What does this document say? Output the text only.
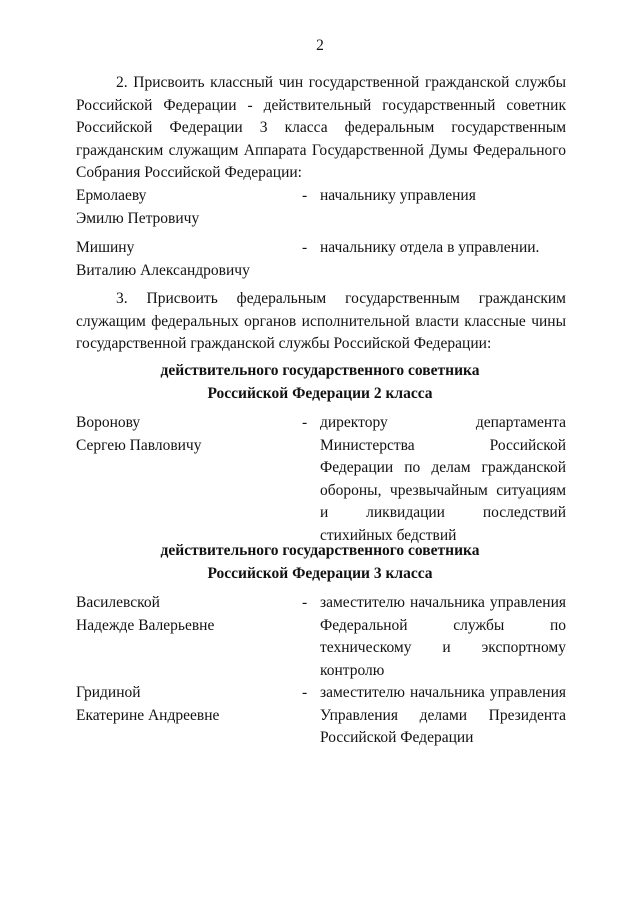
2

2. Присвоить классный чин государственной гражданской службы Российской Федерации - действительный государственный советник Российской Федерации 3 класса федеральным государственным гражданским служащим Аппарата Государственной Думы Федерального Собрания Российской Федерации:

Ермолаеву
Эмилю Петровичу
- начальнику управления
Мишину
Виталию Александровичу
- начальнику отдела в управлении.

3. Присвоить федеральным государственным гражданским служащим федеральных органов исполнительной власти классные чины государственной гражданской службы Российской Федерации:

действительного государственного советника
Российской Федерации 2 класса
Воронову
Сергею Павловичу
- директору департамента Министерства Российской Федерации по делам гражданской обороны, чрезвычайным ситуациям и ликвидации последствий стихийных бедствий
действительного государственного советника
Российской Федерации 3 класса
Василевской
Надежде Валерьевне
- заместителю начальника управления Федеральной службы по техническому и экспортному контролю
Гридиной
Екатерине Андреевне
- заместителю начальника управления Управления делами Президента Российской Федерации
